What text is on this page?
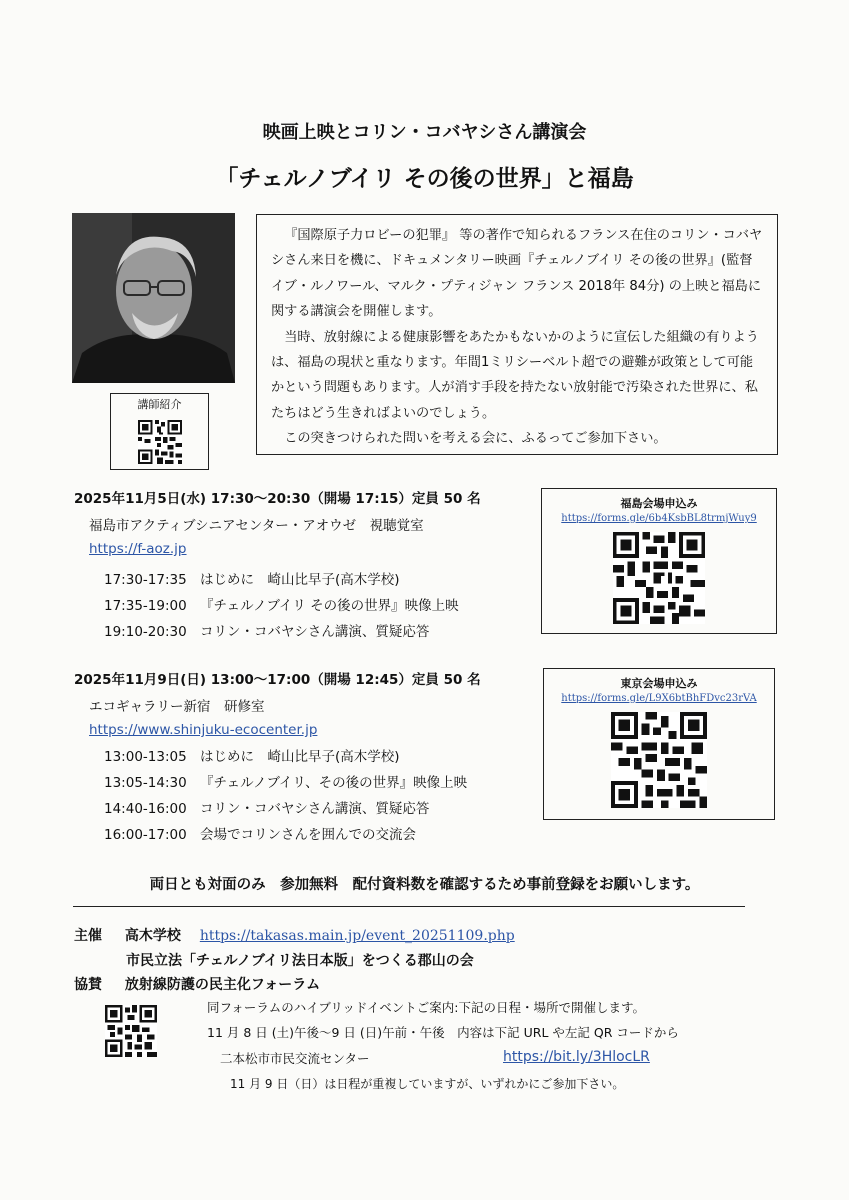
映画上映とコリン・コバヤシさん講演会
「チェルノブイリ その後の世界」と福島
講師紹介

『国際原子力ロビーの犯罪』 等の著作で知られるフランス在住のコリン・コバヤシさん来日を機に、ドキュメンタリー映画『チェルノブイリ その後の世界』(監督イブ・ルノワール、マルク・プティジャン フランス 2018年 84分) の上映と福島に関する講演会を開催します。

当時、放射線による健康影響をあたかもないかのように宣伝した組織の有りようは、福島の現状と重なります。年間1ミリシーベルト超での避難が政策として可能かという問題もあります。人が消す手段を持たない放射能で汚染された世界に、私たちはどう生きればよいのでしょう。

この突きつけられた問いを考える会に、ふるってご参加下さい。

2025年11月5日(水) 17:30～20:30（開場 17:15）定員 50 名
福島市アクティブシニアセンター・アオウゼ　視聴覚室
https://f-aoz.jp
17:30-17:35 はじめに　崎山比早子(高木学校)
17:35-19:00 『チェルノブイリ その後の世界』映像上映
19:10-20:30 コリン・コバヤシさん講演、質疑応答
福島会場申込み
https://forms.gle/6b4KsbBL8trmjWuy9
2025年11月9日(日) 13:00～17:00（開場 12:45）定員 50 名
エコギャラリー新宿　研修室
https://www.shinjuku-ecocenter.jp
13:00-13:05 はじめに　崎山比早子(高木学校)
13:05-14:30 『チェルノブイリ、その後の世界』映像上映
14:40-16:00 コリン・コバヤシさん講演、質疑応答
16:00-17:00 会場でコリンさんを囲んでの交流会
東京会場申込み
https://forms.gle/L9X6btBhFDvc23rVA
両日とも対面のみ　参加無料　配付資料数を確認するため事前登録をお願いします。
主催 高木学校 https://takasas.main.jp/event_20251109.php
市民立法「チェルノブイリ法日本版」をつくる郡山の会
協賛 放射線防護の民主化フォーラム
同フォーラムのハイブリッドイベントご案内:下記の日程・場所で開催します。
11 月 8 日 (土)午後～9 日 (日)午前・午後　内容は下記 URL や左記 QR コードから
二本松市市民交流センター	https://bit.ly/3HlocLR
11 月 9 日（日）は日程が重複していますが、いずれかにご参加下さい。
